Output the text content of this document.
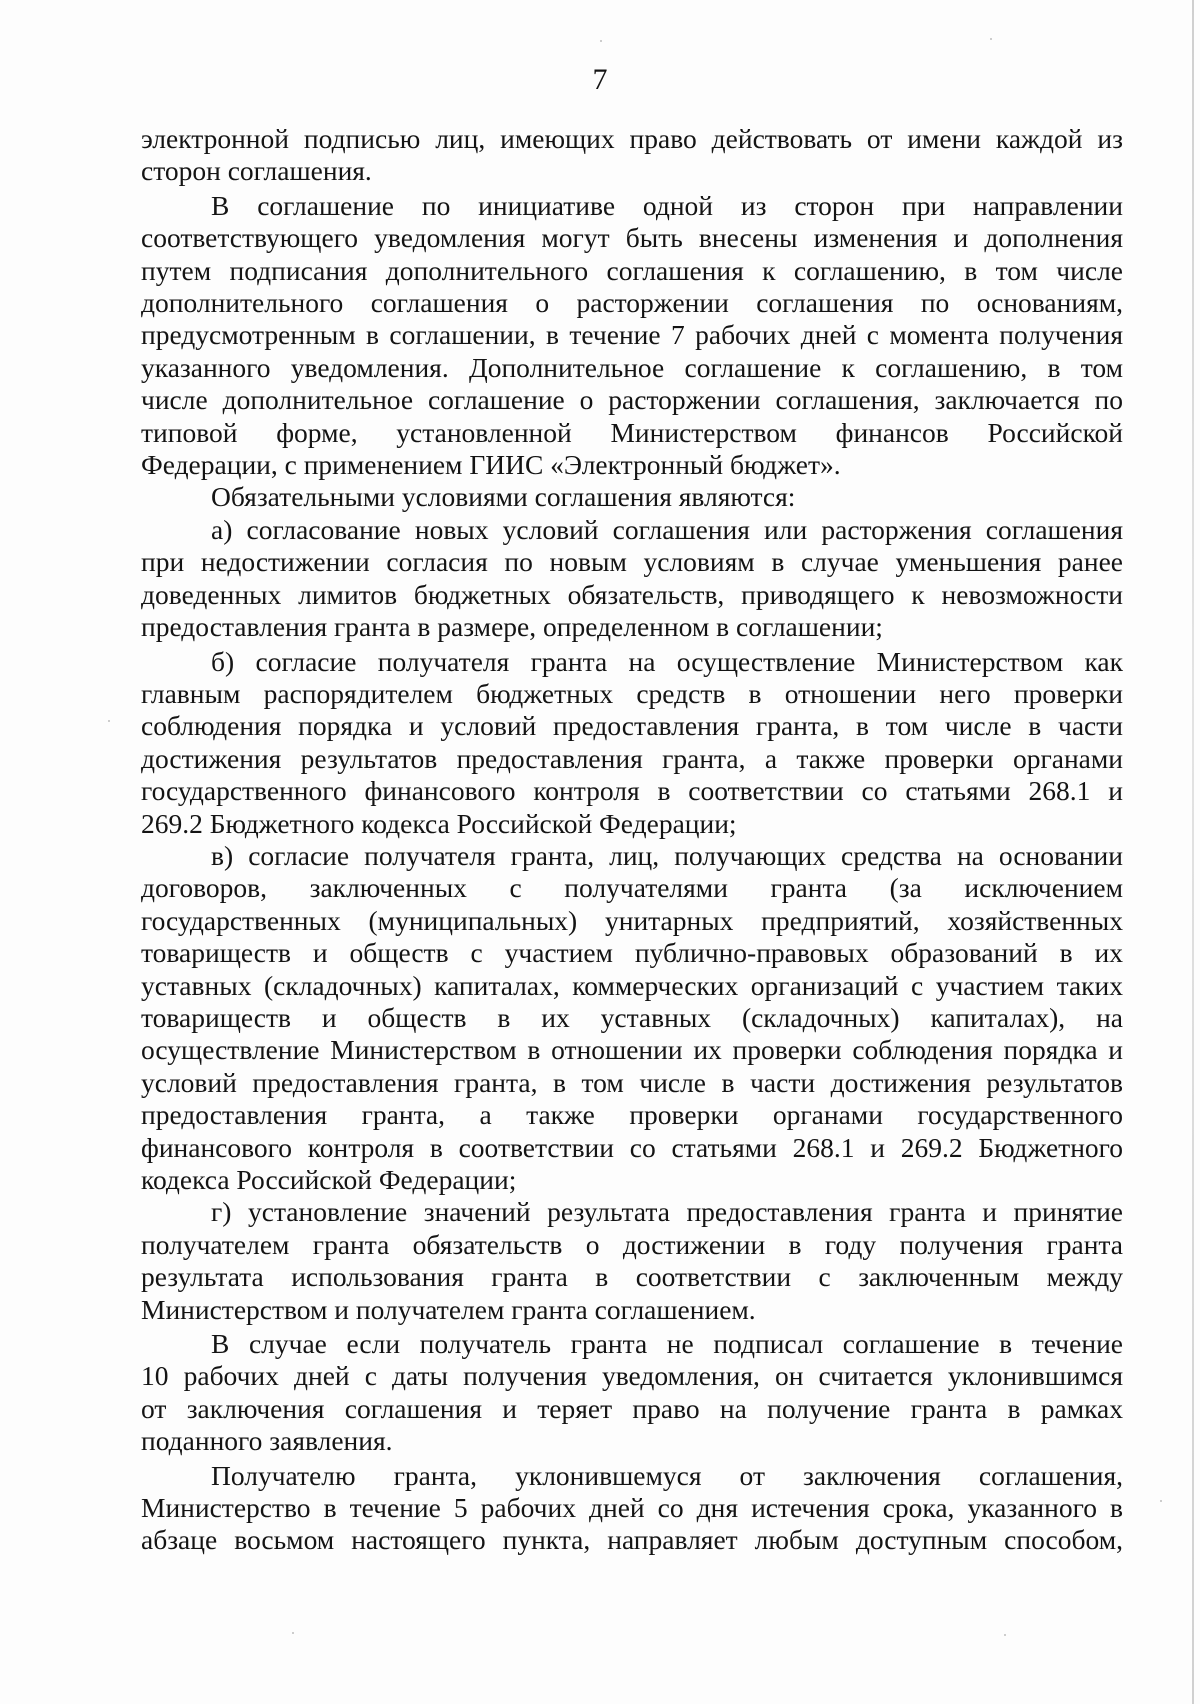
7

электронной подписью лиц, имеющих право действовать от имени каждой из

сторон соглашения.

В соглашение по инициативе одной из сторон при направлении

соответствующего уведомления могут быть внесены изменения и дополнения

путем подписания дополнительного соглашения к соглашению, в том числе

дополнительного соглашения о расторжении соглашения по основаниям,

предусмотренным в соглашении, в течение 7 рабочих дней с момента получения

указанного уведомления. Дополнительное соглашение к соглашению, в том

числе дополнительное соглашение о расторжении соглашения, заключается по

типовой форме, установленной Министерством финансов Российской

Федерации, с применением ГИИС «Электронный бюджет».

Обязательными условиями соглашения являются:

а) согласование новых условий соглашения или расторжения соглашения

при недостижении согласия по новым условиям в случае уменьшения ранее

доведенных лимитов бюджетных обязательств, приводящего к невозможности

предоставления гранта в размере, определенном в соглашении;

б) согласие получателя гранта на осуществление Министерством как

главным распорядителем бюджетных средств в отношении него проверки

соблюдения порядка и условий предоставления гранта, в том числе в части

достижения результатов предоставления гранта, а также проверки органами

государственного финансового контроля в соответствии со статьями 268.1 и

269.2 Бюджетного кодекса Российской Федерации;

в) согласие получателя гранта, лиц, получающих средства на основании

договоров, заключенных с получателями гранта (за исключением

государственных (муниципальных) унитарных предприятий, хозяйственных

товариществ и обществ с участием публично-правовых образований в их

уставных (складочных) капиталах, коммерческих организаций с участием таких

товариществ и обществ в их уставных (складочных) капиталах), на

осуществление Министерством в отношении их проверки соблюдения порядка и

условий предоставления гранта, в том числе в части достижения результатов

предоставления гранта, а также проверки органами государственного

финансового контроля в соответствии со статьями 268.1 и 269.2 Бюджетного

кодекса Российской Федерации;

г) установление значений результата предоставления гранта и принятие

получателем гранта обязательств о достижении в году получения гранта

результата использования гранта в соответствии с заключенным между

Министерством и получателем гранта соглашением.

В случае если получатель гранта не подписал соглашение в течение

10 рабочих дней с даты получения уведомления, он считается уклонившимся

от заключения соглашения и теряет право на получение гранта в рамках

поданного заявления.

Получателю гранта, уклонившемуся от заключения соглашения,

Министерство в течение 5 рабочих дней со дня истечения срока, указанного в

абзаце восьмом настоящего пункта, направляет любым доступным способом,
